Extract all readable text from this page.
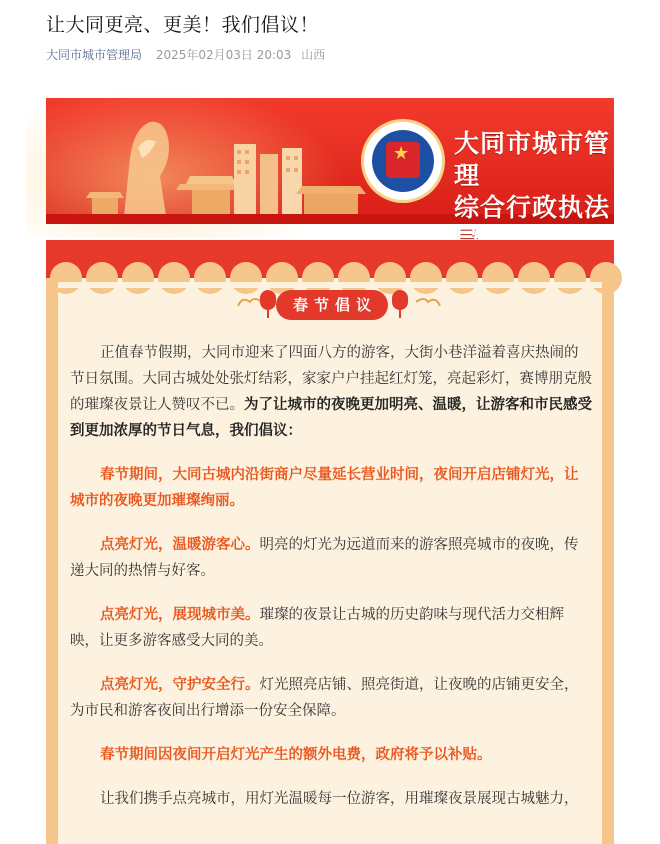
让大同更亮、更美！我们倡议！
大同市城市管理局 2025年02月03日 20:03 山西
★ 大同市城市管理
综合行政执法
春节倡议

正值春节假期，大同市迎来了四面八方的游客，大街小巷洋溢着喜庆热闹的节日氛围。大同古城处处张灯结彩，家家户户挂起红灯笼，亮起彩灯，赛博朋克般的璀璨夜景让人赞叹不已。为了让城市的夜晚更加明亮、温暖，让游客和市民感受到更加浓厚的节日气息，我们倡议：

春节期间，大同古城内沿街商户尽量延长营业时间，夜间开启店铺灯光，让城市的夜晚更加璀璨绚丽。

点亮灯光，温暖游客心。明亮的灯光为远道而来的游客照亮城市的夜晚，传递大同的热情与好客。

点亮灯光，展现城市美。璀璨的夜景让古城的历史韵味与现代活力交相辉映，让更多游客感受大同的美。

点亮灯光，守护安全行。灯光照亮店铺、照亮街道，让夜晚的店铺更安全，为市民和游客夜间出行增添一份安全保障。

春节期间因夜间开启灯光产生的额外电费，政府将予以补贴。

让我们携手点亮城市，用灯光温暖每一位游客，用璀璨夜景展现古城魅力，
